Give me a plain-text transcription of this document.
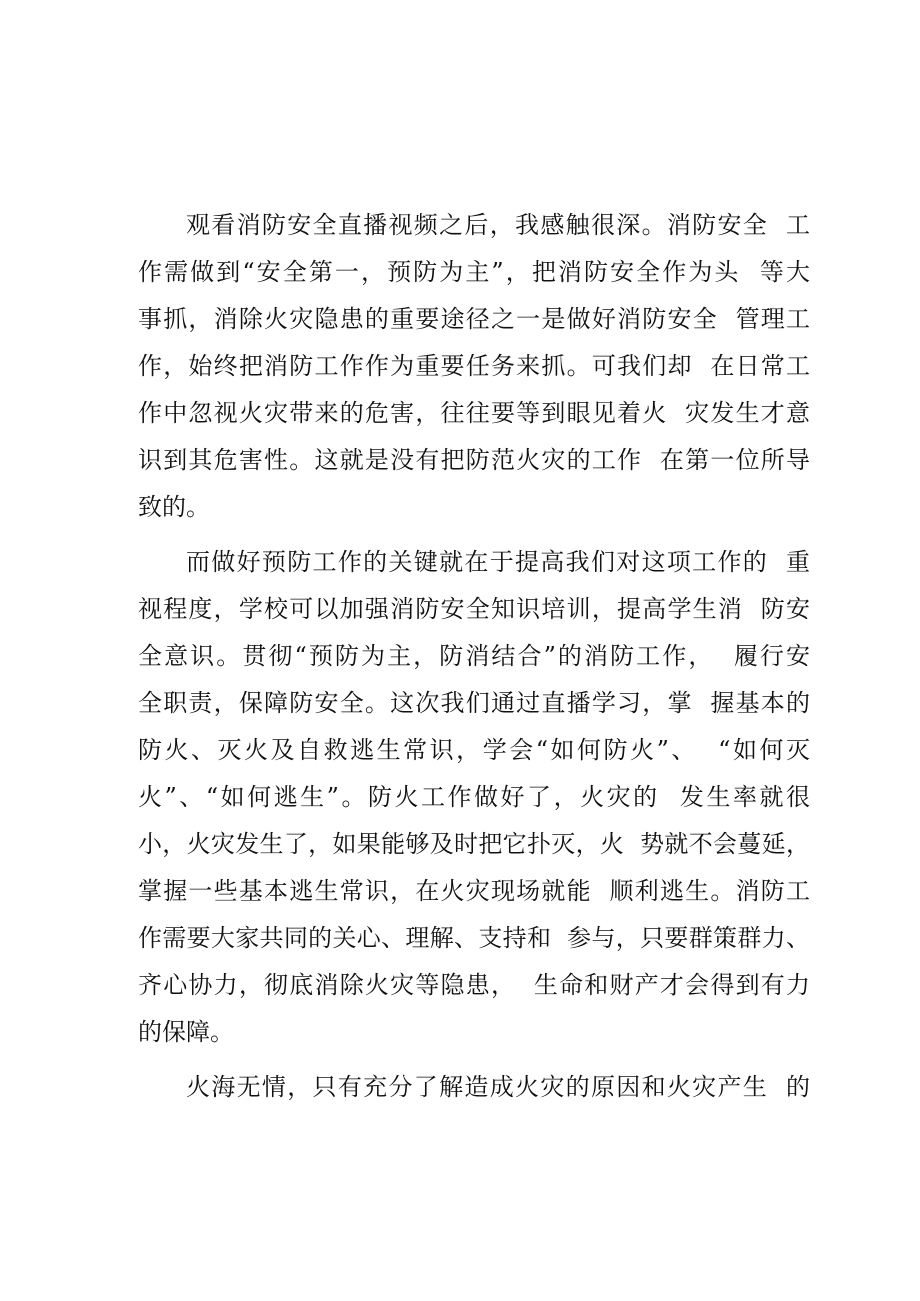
观看消防安全直播视频之后，我感触很深。消防安全  工
作需做到“安全第一，预防为主”，把消防安全作为头  等大
事抓，消除火灾隐患的重要途径之一是做好消防安全  管理工
作，始终把消防工作作为重要任务来抓。可我们却  在日常工
作中忽视火灾带来的危害，往往要等到眼见着火  灾发生才意
识到其危害性。这就是没有把防范火灾的工作  在第一位所导
致的。
而做好预防工作的关键就在于提高我们对这项工作的  重
视程度，学校可以加强消防安全知识培训，提高学生消  防安
全意识。贯彻“预防为主，防消结合”的消防工作，  履行安
全职责，保障防安全。这次我们通过直播学习，掌  握基本的
防火、灭火及自救逃生常识，学会“如何防火”、  “如何灭
火”、“如何逃生”。防火工作做好了，火灾的  发生率就很
小，火灾发生了，如果能够及时把它扑灭，火  势就不会蔓延，
掌握一些基本逃生常识，在火灾现场就能  顺利逃生。消防工
作需要大家共同的关心、理解、支持和  参与，只要群策群力、
齐心协力，彻底消除火灾等隐患，  生命和财产才会得到有力
的保障。
火海无情，只有充分了解造成火灾的原因和火灾产生  的
